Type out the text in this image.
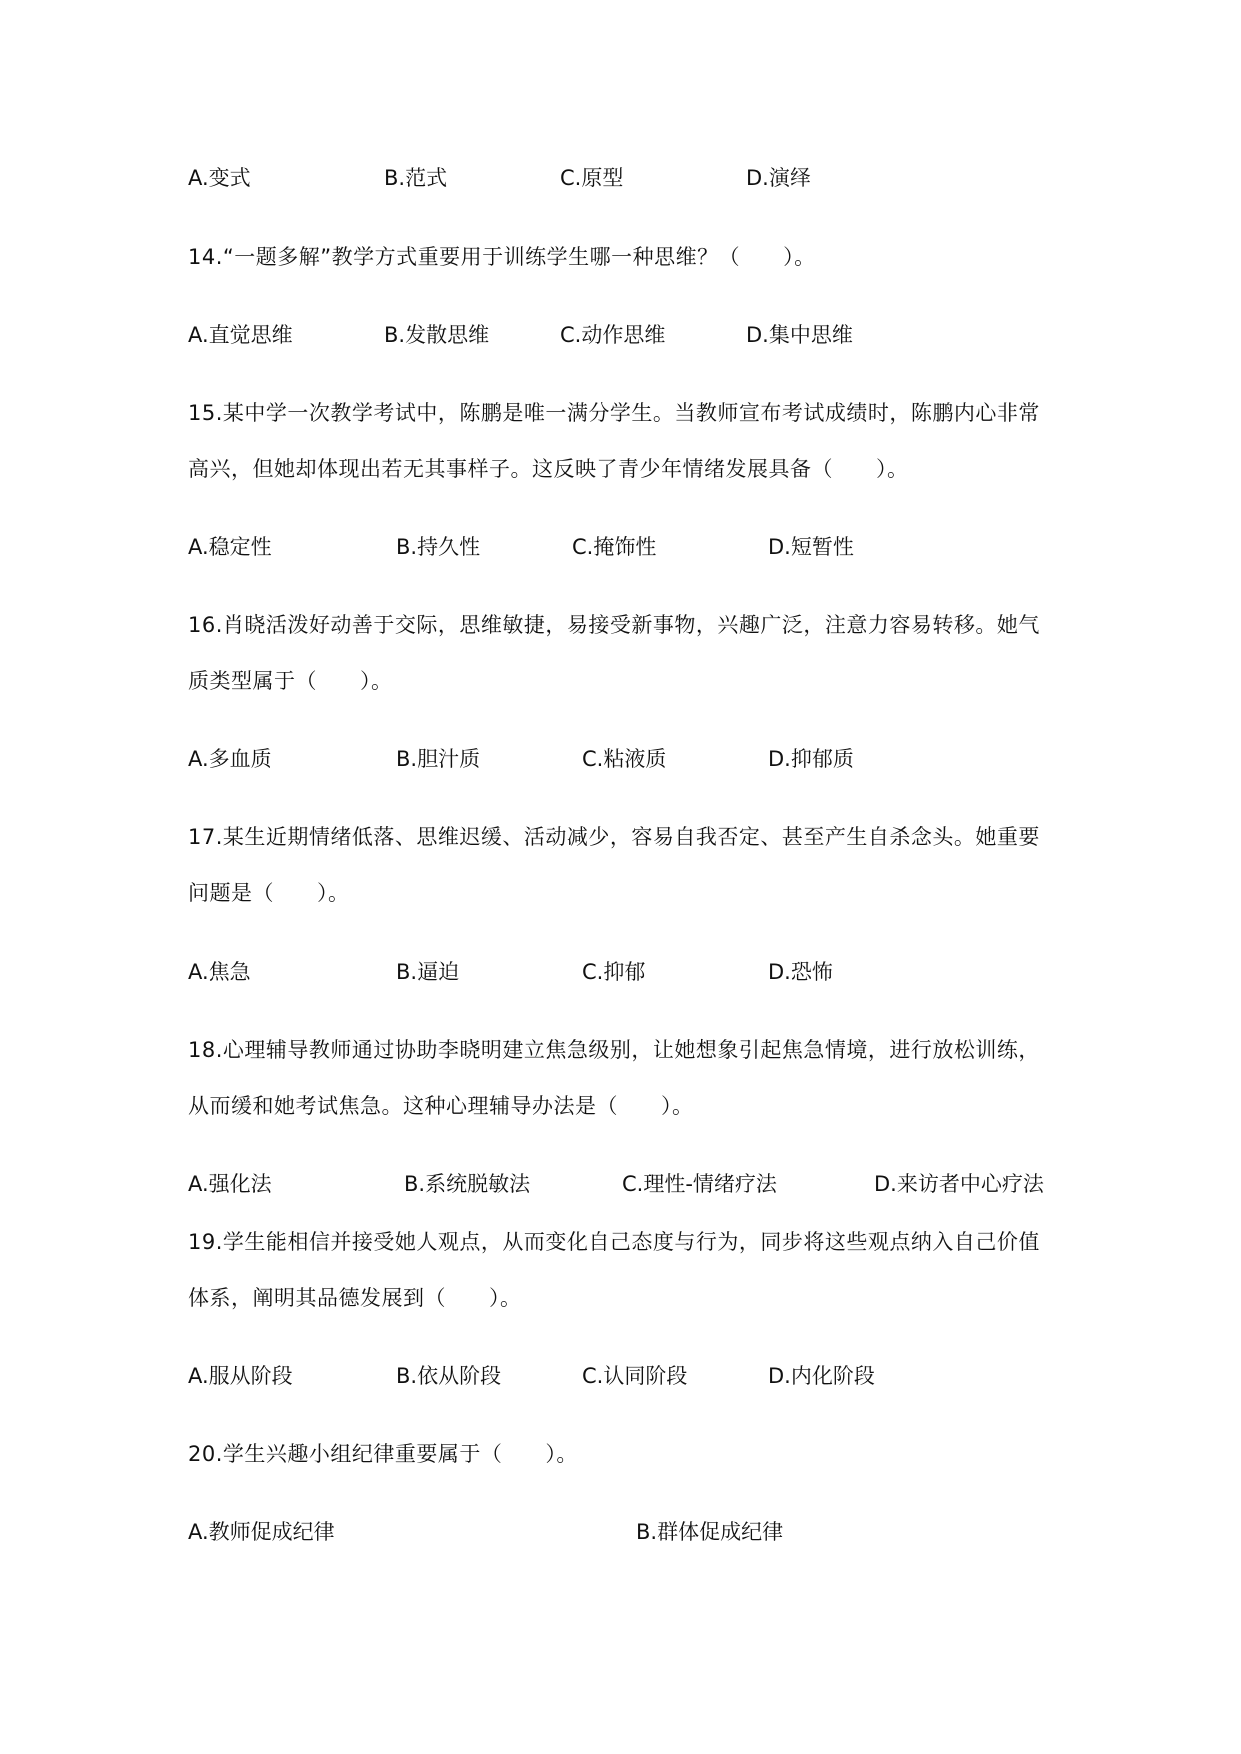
A.变式	B.范式	C.原型	D.演绎
14.“一题多解”教学方式重要用于训练学生哪一种思维？（　　）。
A.直觉思维	B.发散思维	C.动作思维	D.集中思维
15.某中学一次教学考试中，陈鹏是唯一满分学生。当教师宣布考试成绩时，陈鹏内心非常
高兴，但她却体现出若无其事样子。这反映了青少年情绪发展具备（　　）。
A.稳定性	B.持久性	C.掩饰性	D.短暂性
16.肖晓活泼好动善于交际，思维敏捷，易接受新事物，兴趣广泛，注意力容易转移。她气
质类型属于（　　）。
A.多血质	B.胆汁质	C.粘液质	D.抑郁质
17.某生近期情绪低落、思维迟缓、活动减少，容易自我否定、甚至产生自杀念头。她重要
问题是（　　）。
A.焦急	B.逼迫	C.抑郁	D.恐怖
18.心理辅导教师通过协助李晓明建立焦急级别，让她想象引起焦急情境，进行放松训练，
从而缓和她考试焦急。这种心理辅导办法是（　　）。
A.强化法	B.系统脱敏法	C.理性-情绪疗法	D.来访者中心疗法
19.学生能相信并接受她人观点，从而变化自己态度与行为，同步将这些观点纳入自己价值
体系，阐明其品德发展到（　　）。
A.服从阶段	B.依从阶段	C.认同阶段	D.内化阶段
20.学生兴趣小组纪律重要属于（　　）。
A.教师促成纪律	B.群体促成纪律
